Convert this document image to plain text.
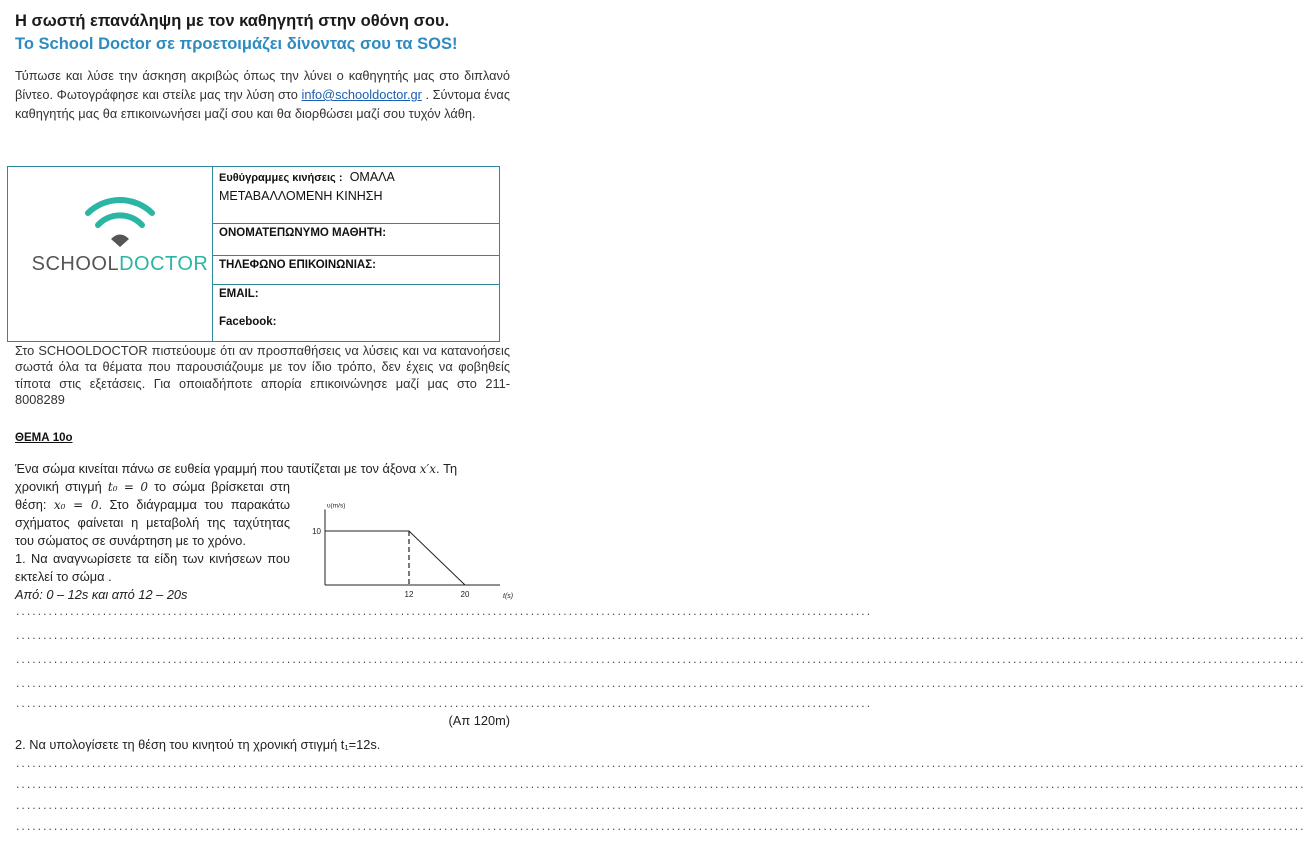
Η σωστή επανάληψη με τον καθηγητή στην οθόνη σου.
Το School Doctor σε προετοιμάζει δίνοντας σου τα SOS!
Τύπωσε και λύσε την άσκηση ακριβώς όπως την λύνει ο καθηγητής μας στο διπλανό βίντεο. Φωτογράφησε και στείλε μας την λύση στο info@schooldoctor.gr . Σύντομα ένας καθηγητής μας θα επικοινωνήσει μαζί σου και θα διορθώσει μαζί σου τυχόν λάθη.
SCHOOLDOCTOR

Ευθύγραμμες κινήσεις : ΟΜΑΛΑ
ΜΕΤΑΒΑΛΛΟΜΕΝΗ ΚΙΝΗΣΗ

ΟΝΟΜΑΤΕΠΩΝΥΜΟ ΜΑΘΗΤΗ:
ΤΗΛΕΦΩΝΟ ΕΠΙΚΟΙΝΩΝΙΑΣ:
EMAIL:
Facebook:
Στο SCHOOLDOCTOR πιστεύουμε ότι αν προσπαθήσεις να λύσεις και να κατανοήσεις σωστά όλα τα θέματα που παρουσιάζουμε με τον ίδιο τρόπο, δεν έχεις να φοβηθείς τίποτα στις εξετάσεις. Για οποιαδήποτε απορία επικοινώνησε μαζί μας στο 211-8008289
ΘΕΜΑ 10ο
Ένα σώμα κινείται πάνω σε ευθεία γραμμή που ταυτίζεται με τον άξονα x′x. Τη
χρονική στιγμή t₀ = 0 το σώμα βρίσκεται στη θέση: x₀ = 0. Στο διάγραμμα του παρακάτω σχήματος φαίνεται η μεταβολή της ταχύτητας του σώματος σε συνάρτηση με το χρόνο.
1. Να αναγνωρίσετε τα είδη των κινήσεων που εκτελεί το σώμα .
Από: 0 – 12s και από 12 – 20s
υ(m/s)
t(s)
10
12	20
..............................................................................................................................................................
..............................................................................................................................................................................................................................................
..............................................................................................................................................................................................................................................
..............................................................................................................................................................................................................................................
..............................................................................................................................................................
(Απ 120m)
2. Να υπολογίσετε τη θέση του κινητού τη χρονική στιγμή t₁=12s.
..............................................................................................................................................................................................................................................
..............................................................................................................................................................................................................................................
..............................................................................................................................................................................................................................................
..............................................................................................................................................................................................................................................
